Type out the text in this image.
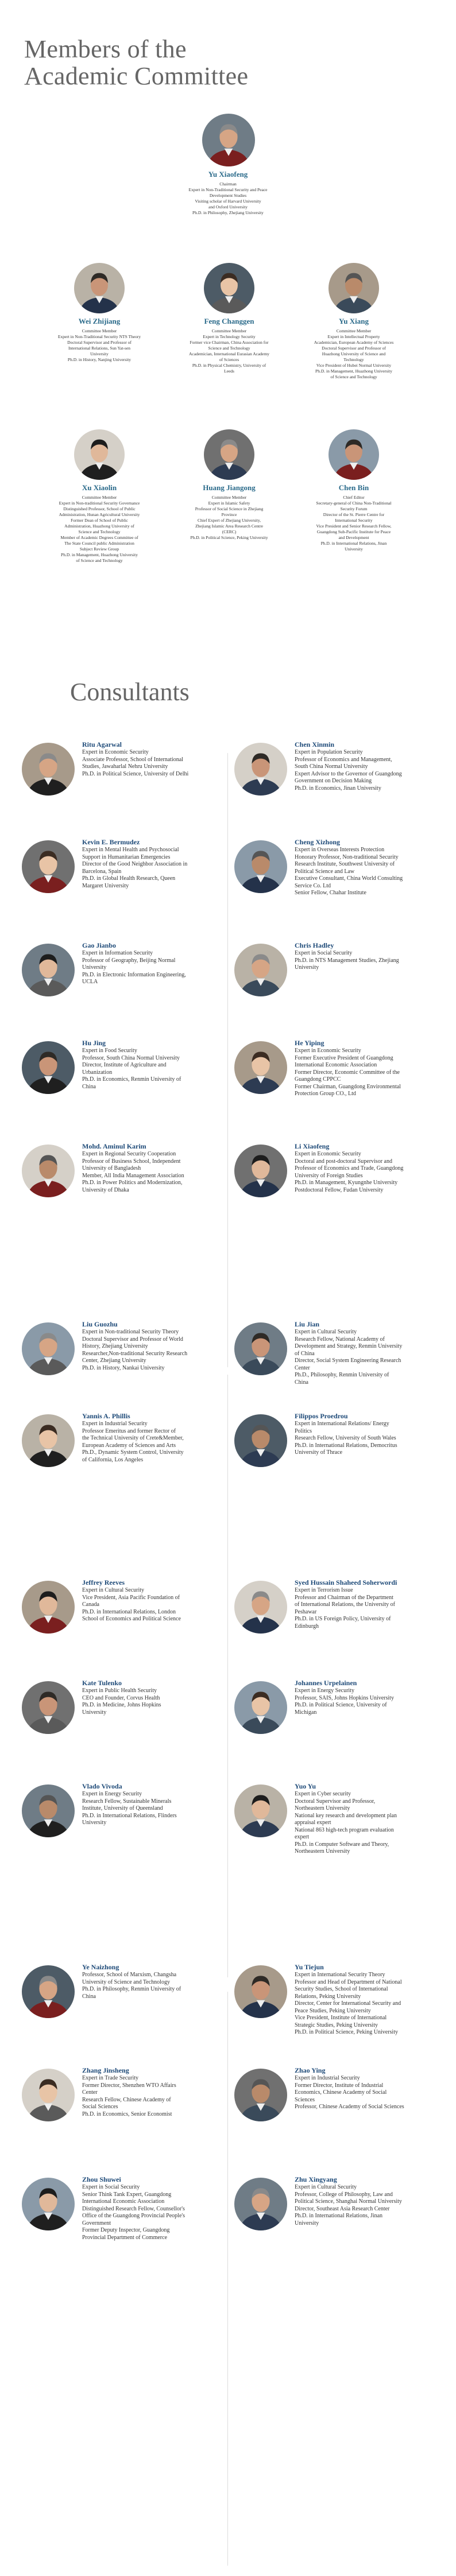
Members of the
Academic Committee
Yu Xiaofeng
Chairman
Expert in Non-Traditional Security and Peace
Development Studies
Visiting scholar of Harvard University
and Oxford University
Ph.D. in Philosophy, Zhejiang University
Wei Zhijiang
Committee Member
Expert in Non-Traditional Security NTS Theory
Doctoral Supervisor and Professor of
International Relations, Sun Yat-sen
University
Ph.D. in History, Nanjing University
Feng Changgen
Committee Member
Expert in Technology Security
Former vice Chairman, China Association for
Science and Technology
Academician, International Eurasian Academy
of Sciences
Ph.D. in Physical Chemistry, University of
Leeds
Yu Xiang
Committee Member
Expert in Intellectual Property
Academician, European Academy of Sciences
Doctoral Supervisor and Professor of
Huazhong University of Science and
Technology
Vice President of Hubei Normal University
Ph.D. in Management, Huazhong University
of Science and Technology
Xu Xiaolin
Committee Member
Expert in Non-traditional Security Governance
Distinguished Professor, School of Public
Administration, Hunan Agricultural University
Former Dean of School of Public
Administration, Huazhong University of
Science and Technology
Member of Academic Degrees Committee of
The State Council public Administration
Subject Review Group
Ph.D. in Management, Huazhong University
of Science and Technology
Huang Jiangong
Committee Member
Expert in Islamic Safety
Professor of Social Science in Zhejiang
Province
Chief Expert of Zhejiang University,
Zhejiang Islamic Area Research Centre
(CERC)
Ph.D. in Political Science, Peking University
Chen Bin
Chief Editor
Secretary-general of China Non-Traditional
Security Forum
Director of the St. Pierre Centre for
International Security
Vice President and Senior Research Fellow,
Guangdong Sub-Pacific Institute for Peace
and Development
Ph.D. in International Relations, Jinan
University
Consultants
Ritu Agarwal
Expert in Economic Security
Associate Professor, School of International
Studies, Jawaharlal Nehru University
Ph.D. in Political Science, University of Delhi
Chen Xinmin
Expert in Population Security
Professor of Economics and Management,
South China Normal University
Expert Advisor to the Governor of Guangdong
Government on Decision Making
Ph.D. in Economics, Jinan University
Kevin E. Bermudez
Expert in Mental Health and Psychosocial
Support in Humanitarian Emergencies
Director of the Good Neighbor Association in
Barcelona, Spain
Ph.D. in Global Health Research, Queen
Margaret University
Cheng Xizhong
Expert in Overseas Interests Protection
Honorary Professor, Non-traditional Security
Research Institute, Southwest University of
Political Science and Law
Executive Consultant, China World Consulting
Service Co. Ltd
Senior Fellow, Chahar Institute
Gao Jianbo
Expert in Information Security
Professor of Geography, Beijing Normal
University
Ph.D. in Electronic Information Engineering,
UCLA
Chris Hadley
Expert in Social Security
Ph.D. in NTS Management Studies, Zhejiang
University
Hu Jing
Expert in Food Security
Professor, South China Normal University
Director, Institute of Agriculture and
Urbanization
Ph.D. in Economics, Renmin University of
China
He Yiping
Expert in Economic Security
Former Executive President of Guangdong
International Economic Association
Former Director, Economic Committee of the
Guangdong CPPCC
Former Chairman, Guangdong Environmental
Protection Group CO., Ltd
Mohd. Aminul Karim
Expert in Regional Security Cooperation
Professor of Business School, Independent
University of Bangladesh
Member, All India Management Association
Ph.D. in Power Politics and Modernization,
University of Dhaka
Li Xiaofeng
Expert in Economic Security
Doctoral and post-doctoral Supervisor and
Professor of Economics and Trade, Guangdong
University of Foreign Studies
Ph.D. in Management, Kyungnhe University
Postdoctoral Fellow, Fudan University
Liu Guozhu
Expert in Non-traditional Security Theory
Doctoral Supervisor and Professor of World
History, Zhejiang University
Researcher,Non-traditional Security Research
Center, Zhejiang University
Ph.D. in History, Nankai University
Liu Jian
Expert in Cultural Security
Research Fellow, National Academy of
Development and Strategy, Renmin University
of China
Director, Social System Engineering Research
Center
Ph.D., Philosophy, Renmin University of
China
Yannis A. Phillis
Expert in Industrial Security
Professor Emeritus and former Rector of
the Technical University of Crete&Member,
European Academy of Sciences and Arts
Ph.D., Dynamic System Control, University
of California, Los Angeles
Filippos Proedrou
Expert in International Relations/ Energy
Politics
Research Fellow, University of South Wales
Ph.D. in International Relations, Democritus
University of Thrace
Jeffrey Reeves
Expert in Cultural Security
Vice President, Asia Pacific Foundation of
Canada
Ph.D. in International Relations, London
School of Economics and Political Science
Syed Hussain Shaheed Soherwordi
Expert in Terrorism Issue
Professor and Chairman of the Department
of International Relations, the University of
Peshawar
Ph.D. in US Foreign Policy, University of
Edinburgh
Kate Tulenko
Expert in Public Health Security
CEO and Founder, Corvus Health
Ph.D. in Medicine, Johns Hopkins
University
Johannes Urpelainen
Expert in Energy Security
Professor, SAIS, Johns Hopkins University
Ph.D. in Political Science, University of
Michigan
Vlado Vivoda
Expert in Energy Security
Research Fellow, Sustainable Minerals
Institute, University of Queensland
Ph.D. in International Relations, Flinders
University
Yuo Yu
Expert in Cyber security
Doctoral Supervisor and Professor,
Northeastern University
National key research and development plan
appraisal expert
National 863 high-tech program evaluation
expert
Ph.D. in Computer Software and Theory,
Northeastern University
Ye Naizhong
Professor, School of Marxism, Changsha
University of Science and Technology
Ph.D. in Philosophy, Renmin University of
China
Yu Tiejun
Expert in International Security Theory
Professor and Head of Department of National
Security Studies, School of International
Relations, Peking University
Director, Center for International Security and
Peace Studies, Peking University
Vice President, Institute of International
Strategic Studies, Peking University
Ph.D. in Political Science, Peking University
Zhang Jinsheng
Expert in Trade Security
Former Director, Shenzhen WTO Affairs
Center
Research Fellow, Chinese Academy of
Social Sciences
Ph.D. in Economics, Senior Economist
Zhao Ying
Expert in Industrial Security
Former Director, Institute of Industrial
Economics, Chinese Academy of Social
Sciences
Professor, Chinese Academy of Social Sciences
Zhou Shuwei
Expert in Social Security
Senior Think Tank Expert, Guangdong
International Economic Association
Distinguished Research Fellow, Counsellor's
Office of the Guangdong Provincial People's
Government
Former Deputy Inspector, Guangdong
Provincial Department of Commerce
Zhu Xingyang
Expert in Cultural Security
Professor, College of Philosophy, Law and
Political Science, Shanghai Normal University
Director, Southeast Asia Research Center
Ph.D. in International Relations, Jinan
University
